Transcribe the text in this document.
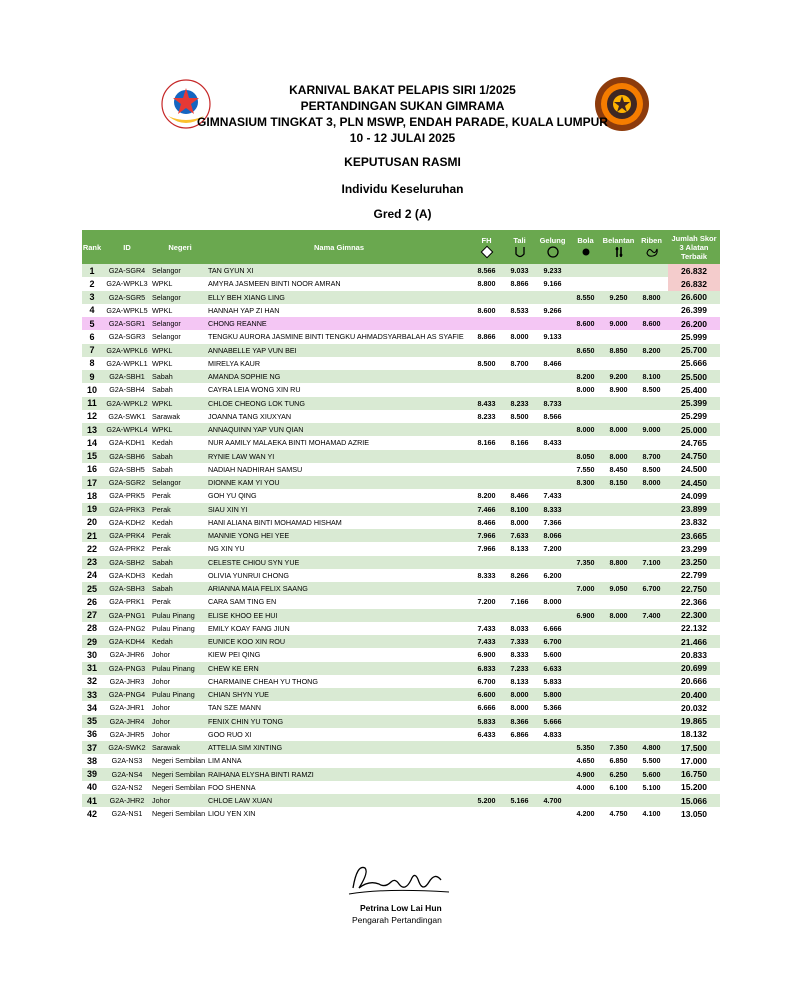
KARNIVAL BAKAT PELAPIS SIRI 1/2025
PERTANDINGAN SUKAN GIMRAMA
GIMNASIUM TINGKAT 3, PLN MSWP, ENDAH PARADE, KUALA LUMPUR
10 - 12 JULAI 2025
KEPUTUSAN RASMI
Individu Keseluruhan
Gred 2 (A)
Rank	ID	Negeri	Nama Gimnas	FH	Tali	Gelung	Bola	Belantan	Riben	Jumlah Skor
3 Alatan
Terbaik

1	G2A-SGR4	Selangor	TAN GYUN XI	8.566	9.033	9.233				26.832
2	G2A-WPKL3	WPKL	AMYRA JASMEEN BINTI NOOR AMRAN	8.800	8.866	9.166				26.832
3	G2A-SGR5	Selangor	ELLY BEH XIANG LING				8.550	9.250	8.800	26.600
4	G2A-WPKL5	WPKL	HANNAH YAP ZI HAN	8.600	8.533	9.266				26.399
5	G2A-SGR1	Selangor	CHONG REANNE				8.600	9.000	8.600	26.200
6	G2A-SGR3	Selangor	TENGKU AURORA JASMINE BINTI TENGKU AHMADSYARBALAH AS SYAFIE	8.866	8.000	9.133				25.999
7	G2A-WPKL6	WPKL	ANNABELLE YAP VUN BEI				8.650	8.850	8.200	25.700
8	G2A-WPKL1	WPKL	MIRELYA KAUR	8.500	8.700	8.466				25.666
9	G2A-SBH1	Sabah	AMANDA SOPHIE NG				8.200	9.200	8.100	25.500
10	G2A-SBH4	Sabah	CAYRA LEIA WONG XIN RU				8.000	8.900	8.500	25.400
11	G2A-WPKL2	WPKL	CHLOE CHEONG LOK TUNG	8.433	8.233	8.733				25.399
12	G2A-SWK1	Sarawak	JOANNA TANG XIUXYAN	8.233	8.500	8.566				25.299
13	G2A-WPKL4	WPKL	ANNAQUINN YAP VUN QIAN				8.000	8.000	9.000	25.000
14	G2A-KDH1	Kedah	NUR AAMILY MALAEKA BINTI MOHAMAD AZRIE	8.166	8.166	8.433				24.765
15	G2A-SBH6	Sabah	RYNIE LAW WAN YI				8.050	8.000	8.700	24.750
16	G2A-SBH5	Sabah	NADIAH NADHIRAH SAMSU				7.550	8.450	8.500	24.500
17	G2A-SGR2	Selangor	DIONNE KAM YI YOU				8.300	8.150	8.000	24.450
18	G2A-PRK5	Perak	GOH YU QING	8.200	8.466	7.433				24.099
19	G2A-PRK3	Perak	SIAU XIN YI	7.466	8.100	8.333				23.899
20	G2A-KDH2	Kedah	HANI ALIANA BINTI MOHAMAD HISHAM	8.466	8.000	7.366				23.832
21	G2A-PRK4	Perak	MANNIE YONG HEI YEE	7.966	7.633	8.066				23.665
22	G2A-PRK2	Perak	NG XIN YU	7.966	8.133	7.200				23.299
23	G2A-SBH2	Sabah	CELESTE CHIOU SYN YUE				7.350	8.800	7.100	23.250
24	G2A-KDH3	Kedah	OLIVIA YUNRUI CHONG	8.333	8.266	6.200				22.799
25	G2A-SBH3	Sabah	ARIANNA MAIA FELIX SAANG				7.000	9.050	6.700	22.750
26	G2A-PRK1	Perak	CARA SAM TING EN	7.200	7.166	8.000				22.366
27	G2A-PNG1	Pulau Pinang	ELISE KHOO EE HUI				6.900	8.000	7.400	22.300
28	G2A-PNG2	Pulau Pinang	EMILY KOAY FANG JIUN	7.433	8.033	6.666				22.132
29	G2A-KDH4	Kedah	EUNICE KOO XIN ROU	7.433	7.333	6.700				21.466
30	G2A-JHR6	Johor	KIEW PEI QING	6.900	8.333	5.600				20.833
31	G2A-PNG3	Pulau Pinang	CHEW KE ERN	6.833	7.233	6.633				20.699
32	G2A-JHR3	Johor	CHARMAINE CHEAH YU THONG	6.700	8.133	5.833				20.666
33	G2A-PNG4	Pulau Pinang	CHIAN SHYN YUE	6.600	8.000	5.800				20.400
34	G2A-JHR1	Johor	TAN SZE MANN	6.666	8.000	5.366				20.032
35	G2A-JHR4	Johor	FENIX CHIN YU TONG	5.833	8.366	5.666				19.865
36	G2A-JHR5	Johor	GOO RUO XI	6.433	6.866	4.833				18.132
37	G2A-SWK2	Sarawak	ATTELIA SIM XINTING				5.350	7.350	4.800	17.500
38	G2A-NS3	Negeri Sembilan	LIM ANNA				4.650	6.850	5.500	17.000
39	G2A-NS4	Negeri Sembilan	RAIHANA ELYSHA BINTI RAMZI				4.900	6.250	5.600	16.750
40	G2A-NS2	Negeri Sembilan	FOO SHENNA				4.000	6.100	5.100	15.200
41	G2A-JHR2	Johor	CHLOE LAW XUAN	5.200	5.166	4.700				15.066
42	G2A-NS1	Negeri Sembilan	LIOU YEN XIN				4.200	4.750	4.100	13.050
Petrina Low Lai Hun
Pengarah Pertandingan
